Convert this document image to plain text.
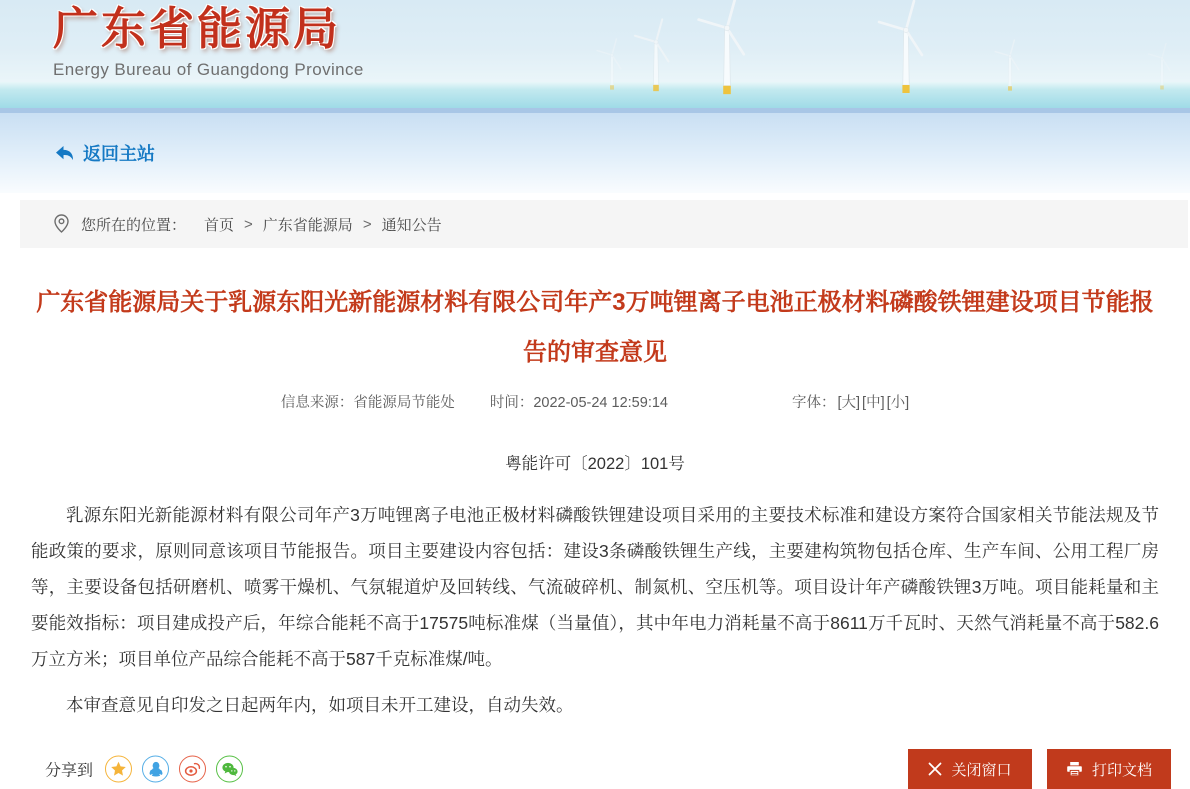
广东省能源局
Energy Bureau of Guangdong Province
返回主站
您所在的位置： 首页 > 广东省能源局 > 通知公告
广东省能源局关于乳源东阳光新能源材料有限公司年产3万吨锂离子电池正极材料磷酸铁锂建设项目节能报告的审查意见
信息来源：省能源局节能处 时间：2022-05-24 12:59:14	字体： [大] [中] [小]
粤能许可〔2022〕101号

乳源东阳光新能源材料有限公司年产3万吨锂离子电池正极材料磷酸铁锂建设项目采用的主要技术标准和建设方案符合国家相关节能法规及节能政策的要求，原则同意该项目节能报告。项目主要建设内容包括：建设3条磷酸铁锂生产线，主要建构筑物包括仓库、生产车间、公用工程厂房等，主要设备包括研磨机、喷雾干燥机、气氛辊道炉及回转线、气流破碎机、制氮机、空压机等。项目设计年产磷酸铁锂3万吨。项目能耗量和主要能效指标：项目建成投产后，年综合能耗不高于17575吨标准煤（当量值），其中年电力消耗量不高于8611万千瓦时、天然气消耗量不高于582.6万立方米；项目单位产品综合能耗不高于587千克标准煤/吨。

本审查意见自印发之日起两年内，如项目未开工建设，自动失效。

分享到	关闭窗口	打印文档
